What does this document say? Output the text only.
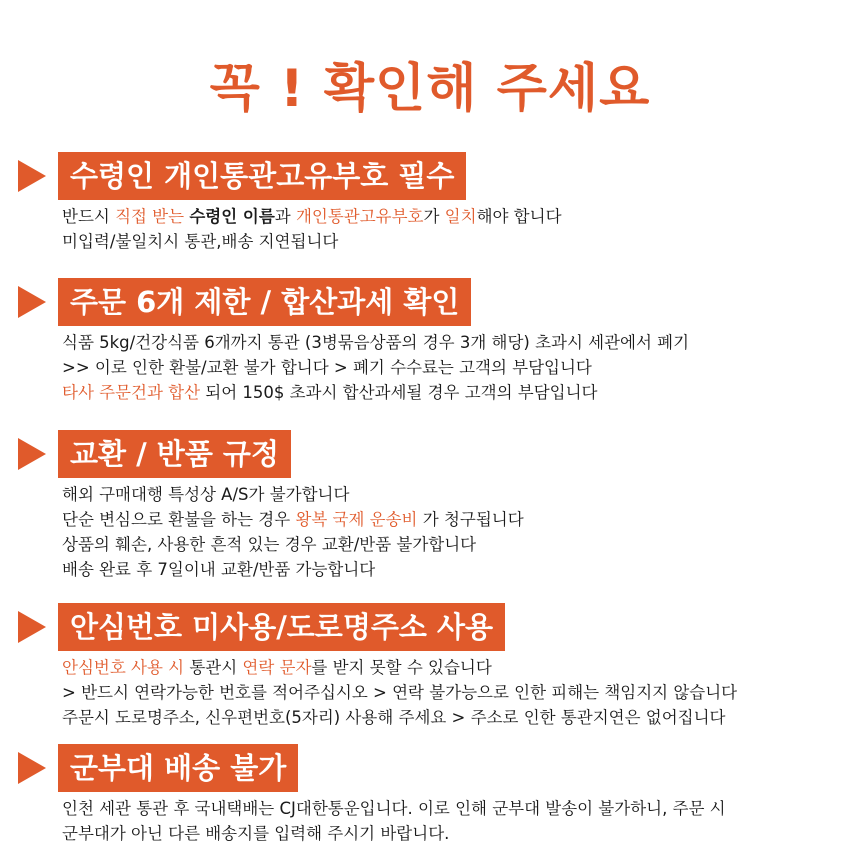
꼭 ! 확인해 주세요
수령인 개인통관고유부호 필수
반드시 직접 받는 수령인 이름과 개인통관고유부호가 일치해야 합니다
미입력/불일치시 통관,배송 지연됩니다
주문 6개 제한 / 합산과세 확인
식품 5kg/건강식품 6개까지 통관 (3병묶음상품의 경우 3개 해당) 초과시 세관에서 폐기
>> 이로 인한 환불/교환 불가 합니다 > 폐기 수수료는 고객의 부담입니다
타사 주문건과 합산 되어 150$ 초과시 합산과세될 경우 고객의 부담입니다
교환 / 반품 규정
해외 구매대행 특성상 A/S가 불가합니다
단순 변심으로 환불을 하는 경우 왕복 국제 운송비 가 청구됩니다
상품의 훼손, 사용한 흔적 있는 경우 교환/반품 불가합니다
배송 완료 후 7일이내 교환/반품 가능합니다
안심번호 미사용/도로명주소 사용
안심번호 사용 시 통관시 연락 문자를 받지 못할 수 있습니다
> 반드시 연락가능한 번호를 적어주십시오 > 연락 불가능으로 인한 피해는 책임지지 않습니다
주문시 도로명주소, 신우편번호(5자리) 사용해 주세요 > 주소로 인한 통관지연은 없어집니다
군부대 배송 불가
인천 세관 통관 후 국내택배는 CJ대한통운입니다. 이로 인해 군부대 발송이 불가하니, 주문 시
군부대가 아닌 다른 배송지를 입력해 주시기 바랍니다.
